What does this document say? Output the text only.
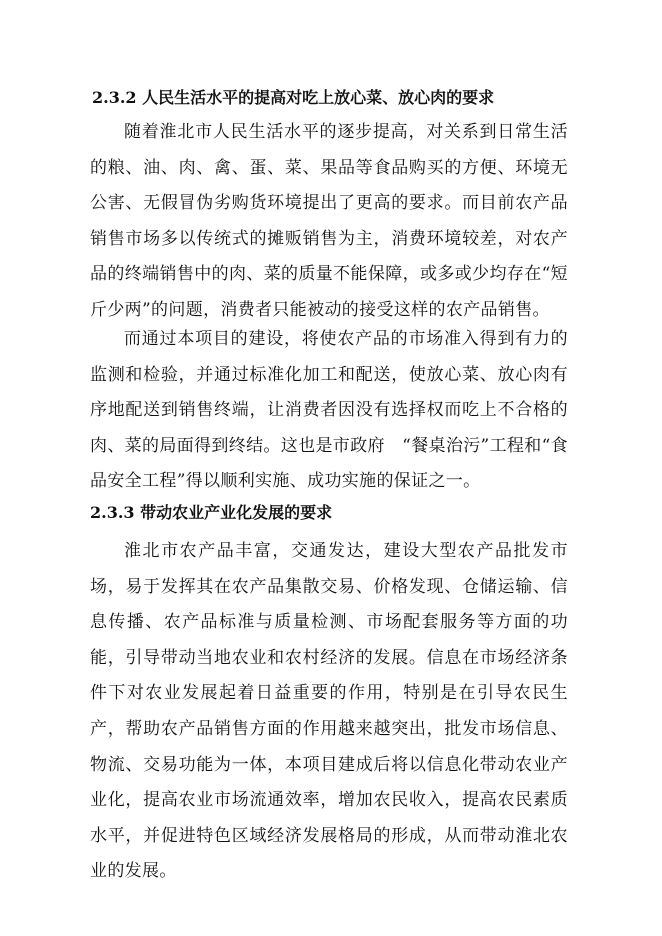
2.3.2 人民生活水平的提高对吃上放心菜、放心肉的要求

随着淮北市人民生活水平的逐步提高，对关系到日常生活的粮、油、肉、禽、蛋、菜、果品等食品购买的方便、环境无公害、无假冒伪劣购货环境提出了更高的要求。而目前农产品销售市场多以传统式的摊贩销售为主，消费环境较差，对农产品的终端销售中的肉、菜的质量不能保障，或多或少均存在“短斤少两”的问题，消费者只能被动的接受这样的农产品销售。

而通过本项目的建设，将使农产品的市场准入得到有力的监测和检验，并通过标准化加工和配送，使放心菜、放心肉有序地配送到销售终端，让消费者因没有选择权而吃上不合格的肉、菜的局面得到终结。这也是市政府　“餐桌治污”工程和“食品安全工程”得以顺利实施、成功实施的保证之一。

2.3.3 带动农业产业化发展的要求

淮北市农产品丰富，交通发达，建设大型农产品批发市场，易于发挥其在农产品集散交易、价格发现、仓储运输、信息传播、农产品标准与质量检测、市场配套服务等方面的功能，引导带动当地农业和农村经济的发展。信息在市场经济条件下对农业发展起着日益重要的作用，特别是在引导农民生产，帮助农产品销售方面的作用越来越突出，批发市场信息、物流、交易功能为一体，本项目建成后将以信息化带动农业产业化，提高农业市场流通效率，增加农民收入，提高农民素质水平，并促进特色区域经济发展格局的形成，从而带动淮北农业的发展。
